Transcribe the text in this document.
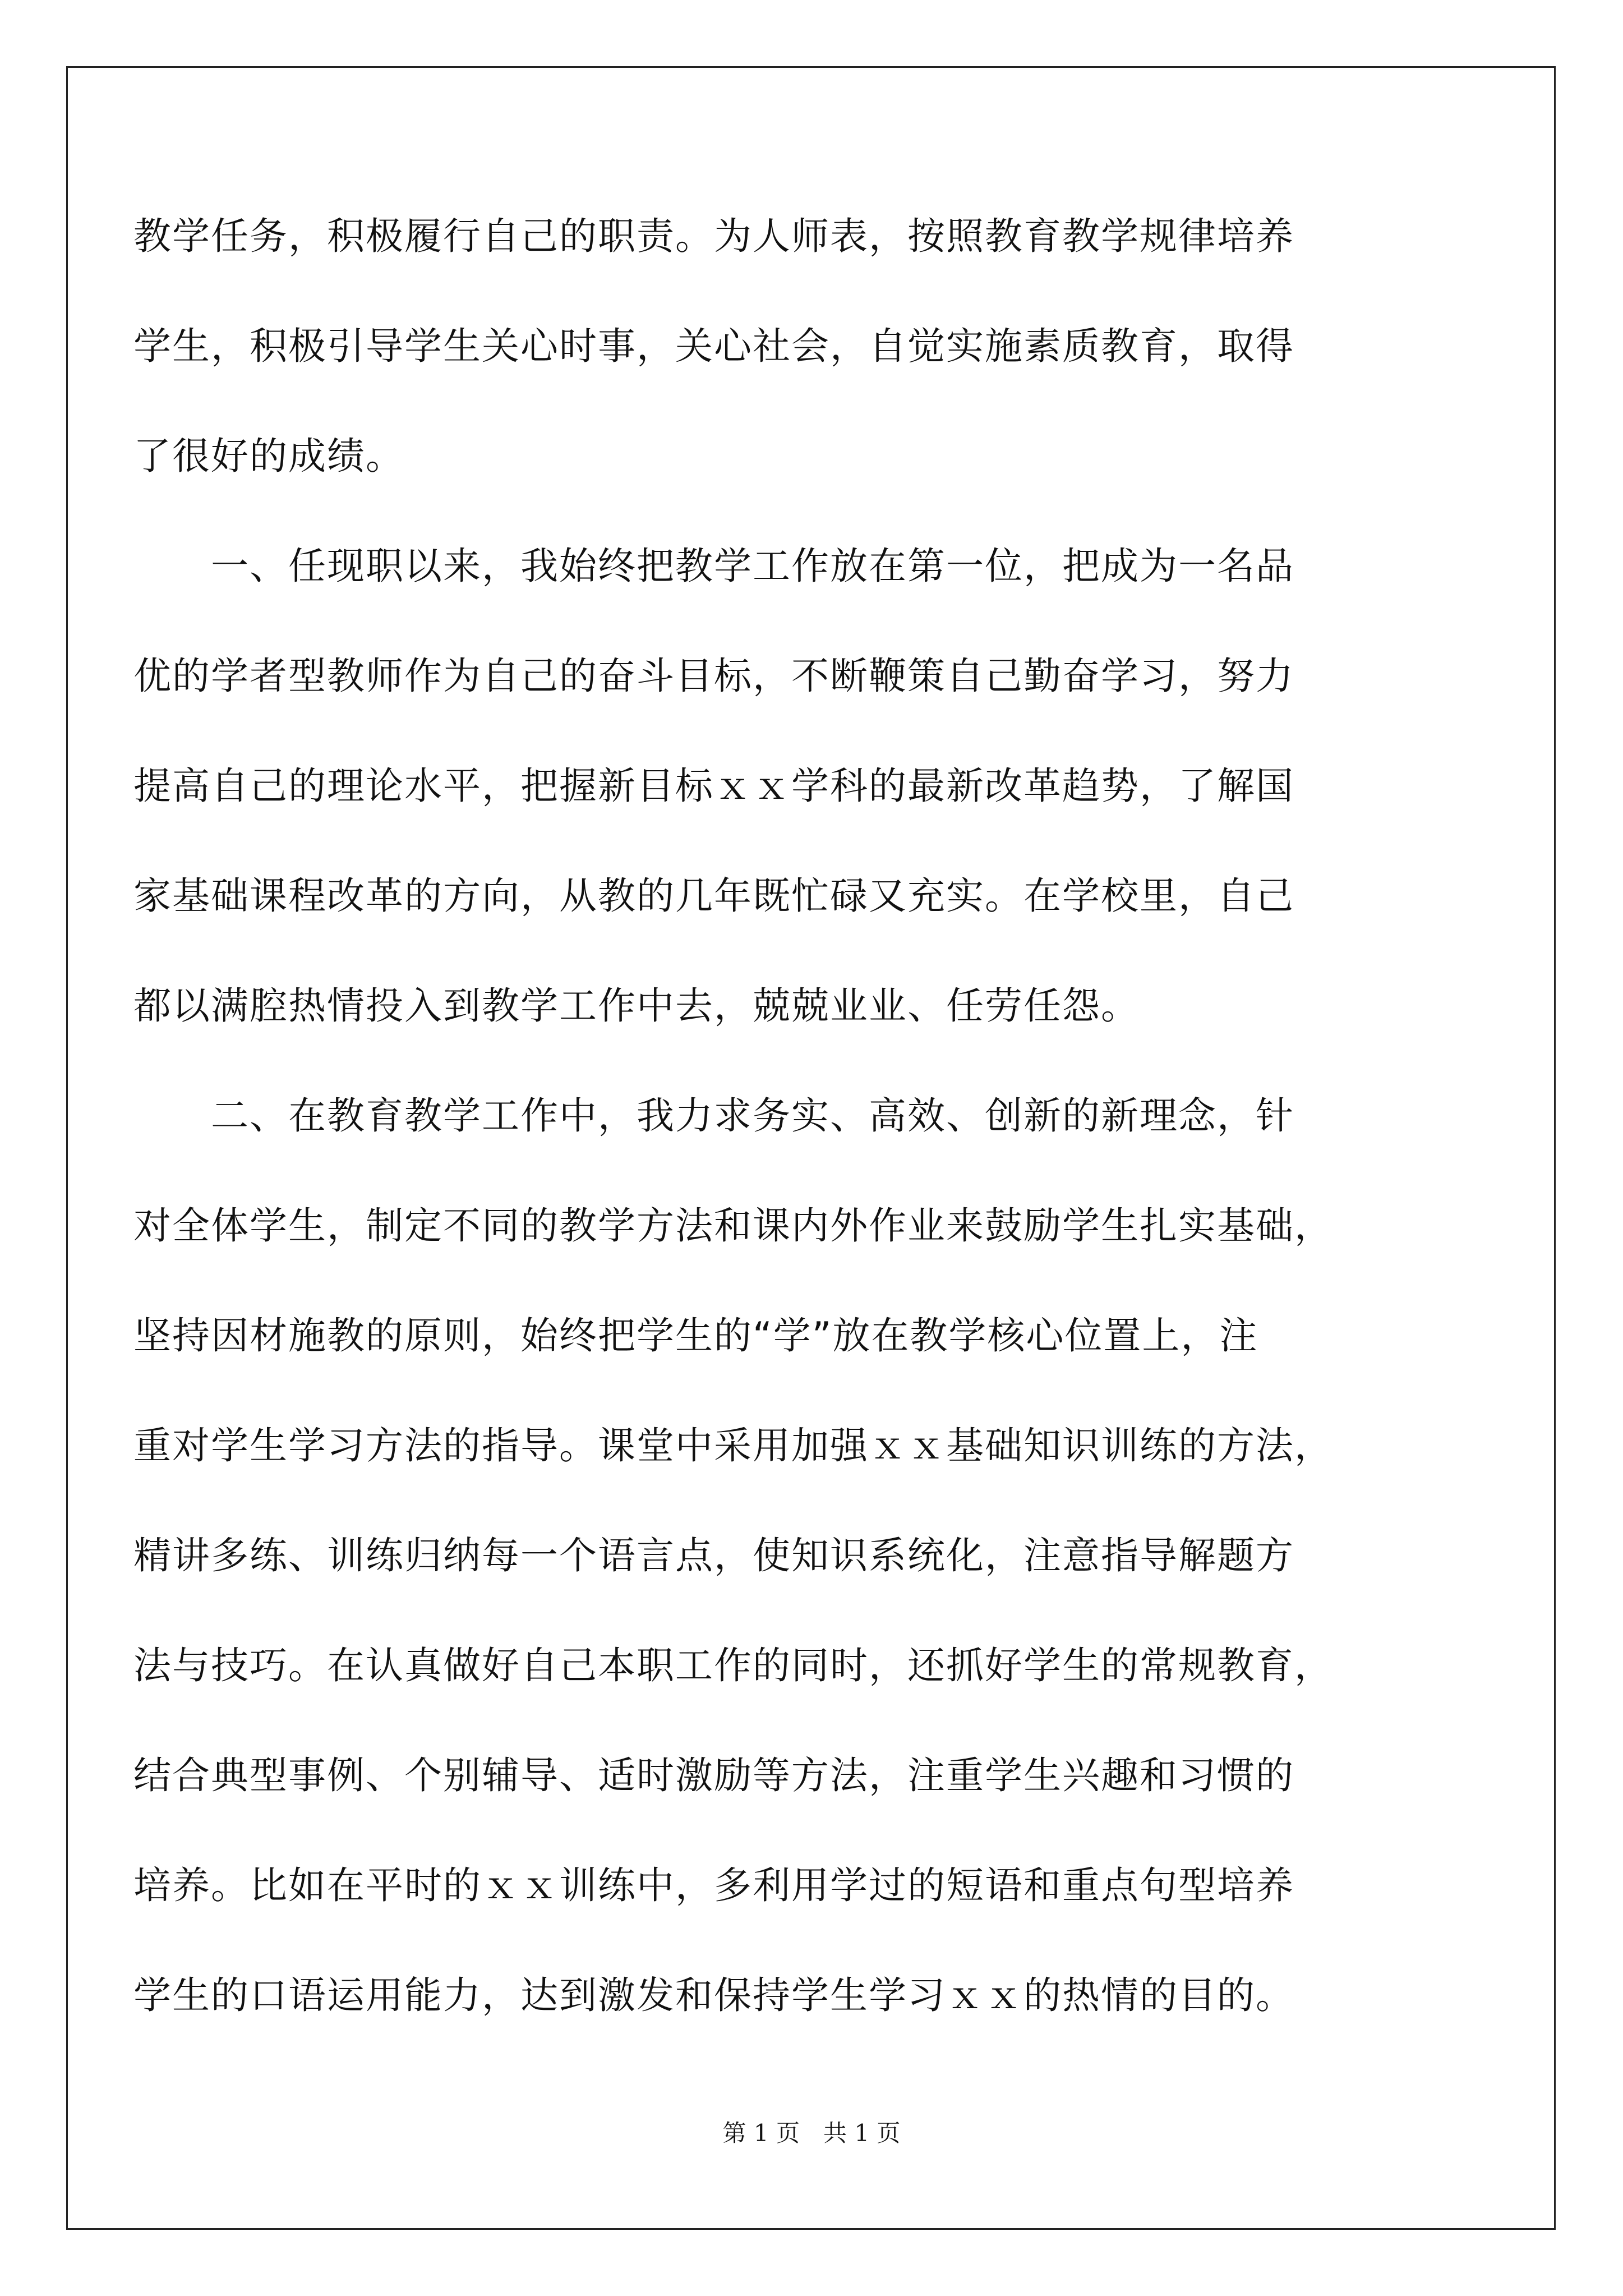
教学任务，积极履行自己的职责。为人师表，按照教育教学规律培养
学生，积极引导学生关心时事，关心社会，自觉实施素质教育，取得
了很好的成绩。
　　一、任现职以来，我始终把教学工作放在第一位，把成为一名品
优的学者型教师作为自己的奋斗目标，不断鞭策自己勤奋学习，努力
提高自己的理论水平，把握新目标ｘｘ学科的最新改革趋势，了解国
家基础课程改革的方向，从教的几年既忙碌又充实。在学校里，自己
都以满腔热情投入到教学工作中去，兢兢业业、任劳任怨。
　　二、在教育教学工作中，我力求务实、高效、创新的新理念，针
对全体学生，制定不同的教学方法和课内外作业来鼓励学生扎实基础，
坚持因材施教的原则，始终把学生的“学”放在教学核心位置上，注
重对学生学习方法的指导。课堂中采用加强ｘｘ基础知识训练的方法，
精讲多练、训练归纳每一个语言点，使知识系统化，注意指导解题方
法与技巧。在认真做好自己本职工作的同时，还抓好学生的常规教育，
结合典型事例、个别辅导、适时激励等方法，注重学生兴趣和习惯的
培养。比如在平时的ｘｘ训练中，多利用学过的短语和重点句型培养
学生的口语运用能力，达到激发和保持学生学习ｘｘ的热情的目的。
第 1 页　共 1 页
